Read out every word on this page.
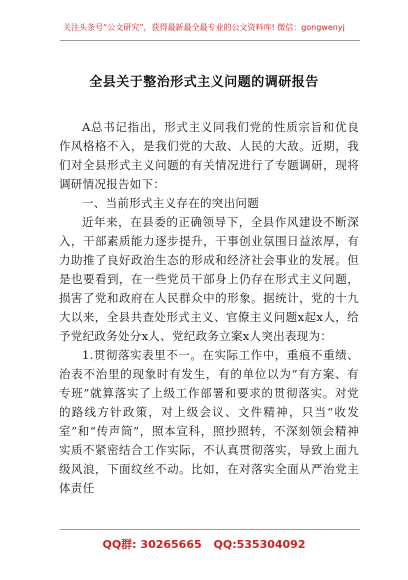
关注头条号“公文研究”，获得最新最全最专业的公文资料库! 微信：gongwenyj
全县关于整治形式主义问题的调研报告

A总书记指出，形式主义同我们党的性质宗旨和优良作风格格不入，是我们党的大敌、人民的大敌。近期，我们对全县形式主义问题的有关情况进行了专题调研，现将调研情况报告如下：

一、当前形式主义存在的突出问题

近年来，在县委的正确领导下，全县作风建设不断深入，干部素质能力逐步提升，干事创业氛围日益浓厚，有力助推了良好政治生态的形成和经济社会事业的发展。但是也要看到，在一些党员干部身上仍存在形式主义问题，损害了党和政府在人民群众中的形象。据统计，党的十九大以来，全县共查处形式主义、官僚主义问题x起x人，给予党纪政务处分x人、党纪政务立案x人突出表现为：

1.贯彻落实表里不一。在实际工作中，重痕不重绩、治表不治里的现象时有发生，有的单位以为“有方案、有专班”就算落实了上级工作部署和要求的贯彻落实。对党的路线方针政策，对上级会议、文件精神，只当“收发室”和“传声筒”，照本宣科，照抄照转，不深刻领会精神实质不紧密结合工作实际，不认真贯彻落实，导致上面九级风浪，下面纹丝不动。比如，在对落实全面从严治党主体责任

QQ群: 30265665 QQ:535304092
